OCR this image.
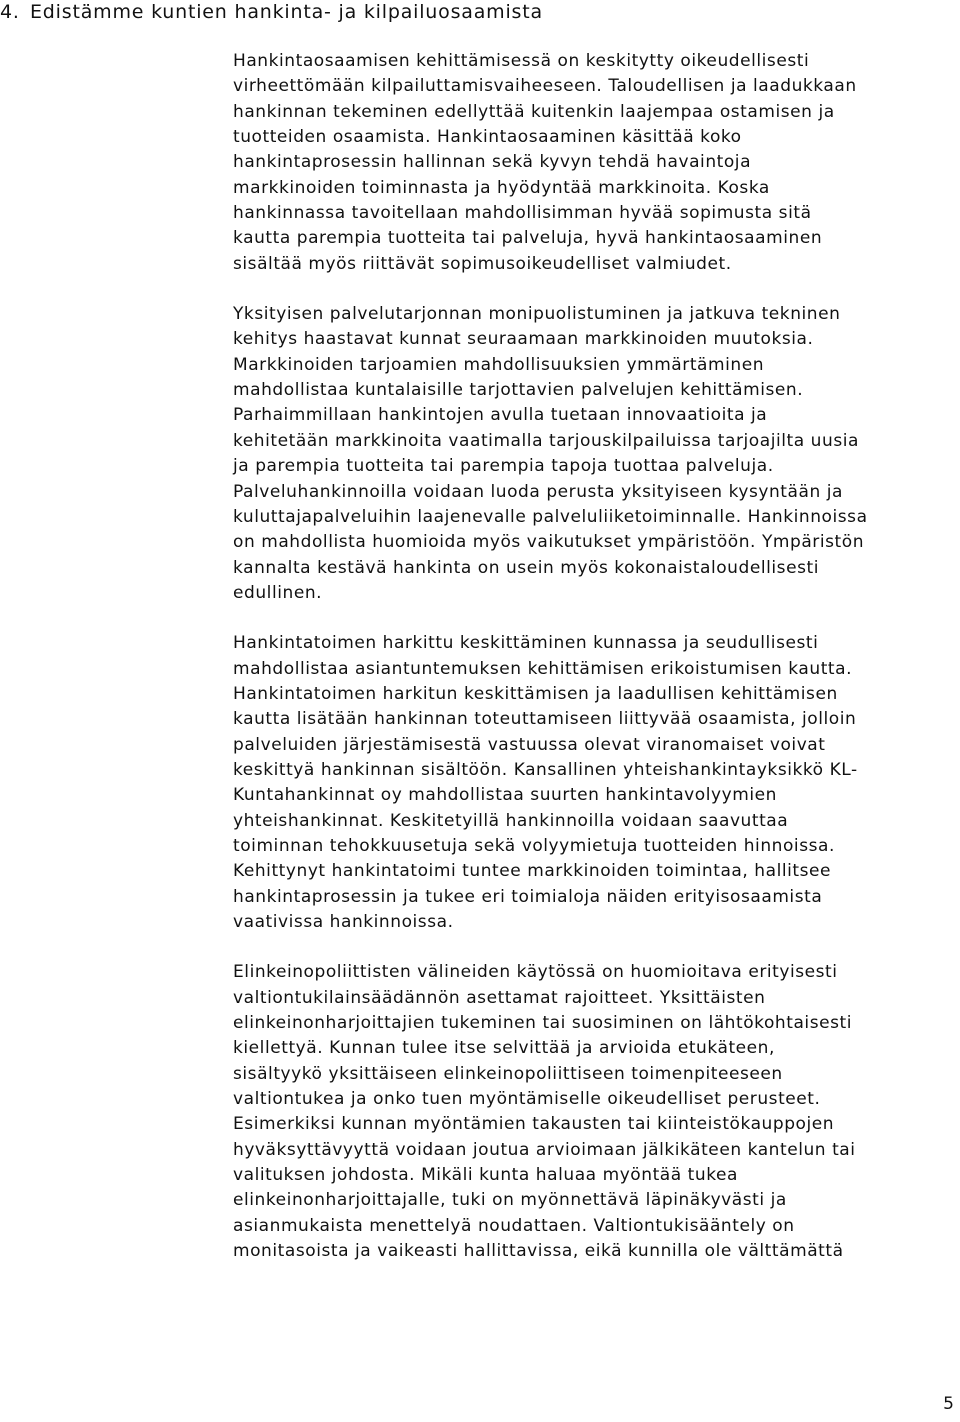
4. Edistämme kuntien hankinta- ja kilpailuosaamista
Hankintaosaamisen kehittämisessä on keskitytty oikeudellisesti
virheettömään kilpailuttamisvaiheeseen. Taloudellisen ja laadukkaan
hankinnan tekeminen edellyttää kuitenkin laajempaa ostamisen ja
tuotteiden osaamista. Hankintaosaaminen käsittää koko
hankintaprosessin hallinnan sekä kyvyn tehdä havaintoja
markkinoiden toiminnasta ja hyödyntää markkinoita. Koska
hankinnassa tavoitellaan mahdollisimman hyvää sopimusta sitä
kautta parempia tuotteita tai palveluja, hyvä hankintaosaaminen
sisältää myös riittävät sopimusoikeudelliset valmiudet.
Yksityisen palvelutarjonnan monipuolistuminen ja jatkuva tekninen
kehitys haastavat kunnat seuraamaan markkinoiden muutoksia.
Markkinoiden tarjoamien mahdollisuuksien ymmärtäminen
mahdollistaa kuntalaisille tarjottavien palvelujen kehittämisen.
Parhaimmillaan hankintojen avulla tuetaan innovaatioita ja
kehitetään markkinoita vaatimalla tarjouskilpailuissa tarjoajilta uusia
ja parempia tuotteita tai parempia tapoja tuottaa palveluja.
Palveluhankinnoilla voidaan luoda perusta yksityiseen kysyntään ja
kuluttajapalveluihin laajenevalle palveluliiketoiminnalle. Hankinnoissa
on mahdollista huomioida myös vaikutukset ympäristöön. Ympäristön
kannalta kestävä hankinta on usein myös kokonaistaloudellisesti
edullinen.
Hankintatoimen harkittu keskittäminen kunnassa ja seudullisesti
mahdollistaa asiantuntemuksen kehittämisen erikoistumisen kautta.
Hankintatoimen harkitun keskittämisen ja laadullisen kehittämisen
kautta lisätään hankinnan toteuttamiseen liittyvää osaamista, jolloin
palveluiden järjestämisestä vastuussa olevat viranomaiset voivat
keskittyä hankinnan sisältöön. Kansallinen yhteishankintayksikkö KL-
Kuntahankinnat oy mahdollistaa suurten hankintavolyymien
yhteishankinnat. Keskitetyillä hankinnoilla voidaan saavuttaa
toiminnan tehokkuusetuja sekä volyymietuja tuotteiden hinnoissa.
Kehittynyt hankintatoimi tuntee markkinoiden toimintaa, hallitsee
hankintaprosessin ja tukee eri toimialoja näiden erityisosaamista
vaativissa hankinnoissa.
Elinkeinopoliittisten välineiden käytössä on huomioitava erityisesti
valtiontukilainsäädännön asettamat rajoitteet. Yksittäisten
elinkeinonharjoittajien tukeminen tai suosiminen on lähtökohtaisesti
kiellettyä. Kunnan tulee itse selvittää ja arvioida etukäteen,
sisältyykö yksittäiseen elinkeinopoliittiseen toimenpiteeseen
valtiontukea ja onko tuen myöntämiselle oikeudelliset perusteet.
Esimerkiksi kunnan myöntämien takausten tai kiinteistökauppojen
hyväksyttävyyttä voidaan joutua arvioimaan jälkikäteen kantelun tai
valituksen johdosta. Mikäli kunta haluaa myöntää tukea
elinkeinonharjoittajalle, tuki on myönnettävä läpinäkyvästi ja
asianmukaista menettelyä noudattaen. Valtiontukisääntely on
monitasoista ja vaikeasti hallittavissa, eikä kunnilla ole välttämättä
5
